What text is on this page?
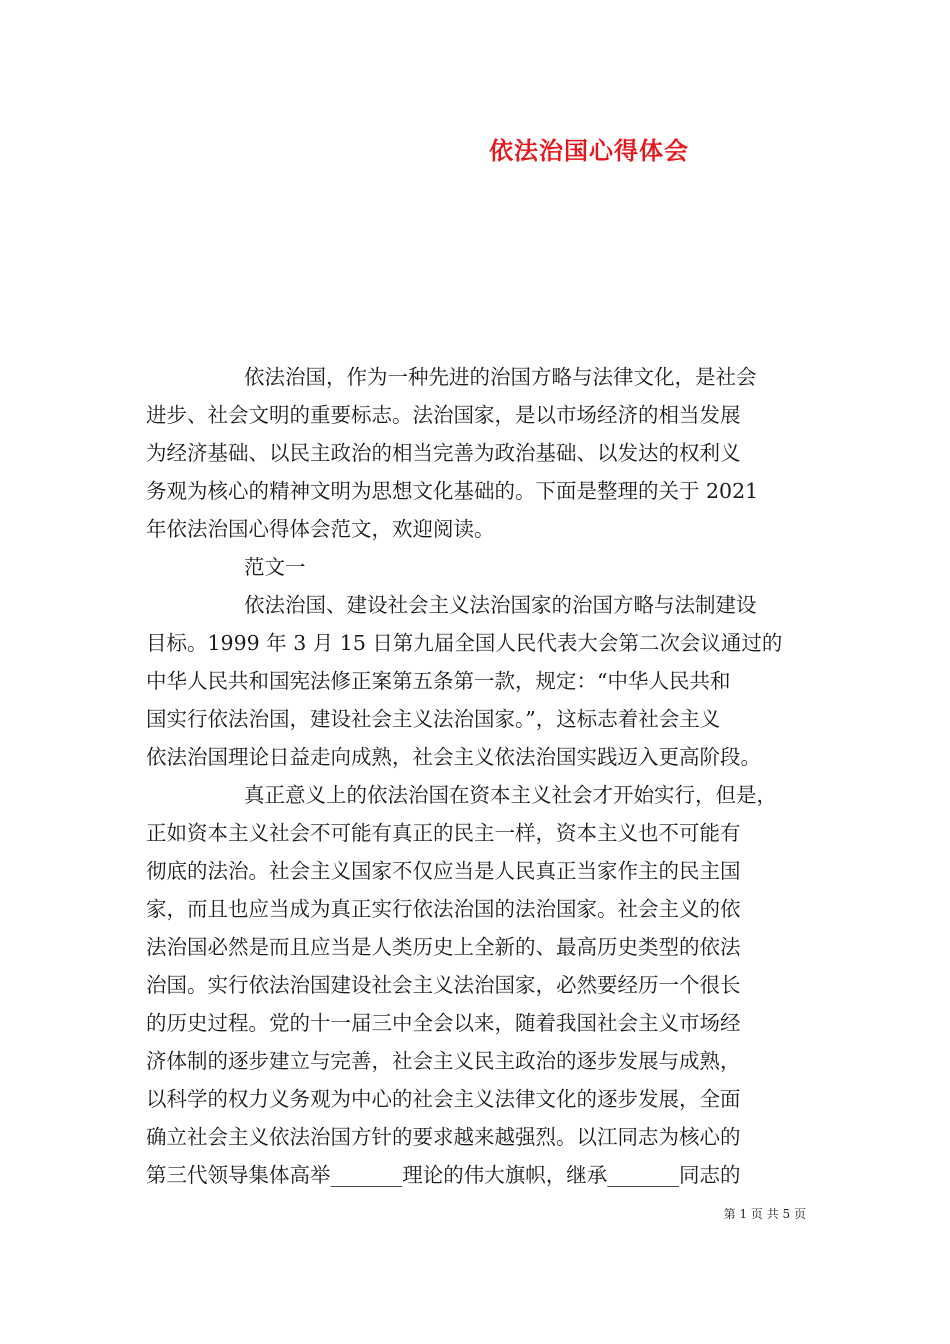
依法治国心得体会
依法治国，作为一种先进的治国方略与法律文化，是社会
进步、社会文明的重要标志。法治国家，是以市场经济的相当发展
为经济基础、以民主政治的相当完善为政治基础、以发达的权利义
务观为核心的精神文明为思想文化基础的。下面是整理的关于 2021
年依法治国心得体会范文，欢迎阅读。
范文一
依法治国、建设社会主义法治国家的治国方略与法制建设
目标。1999 年 3 月 15 日第九届全国人民代表大会第二次会议通过的
中华人民共和国宪法修正案第五条第一款，规定：“中华人民共和
国实行依法治国，建设社会主义法治国家。”，这标志着社会主义
依法治国理论日益走向成熟，社会主义依法治国实践迈入更高阶段。
真正意义上的依法治国在资本主义社会才开始实行，但是，
正如资本主义社会不可能有真正的民主一样，资本主义也不可能有
彻底的法治。社会主义国家不仅应当是人民真正当家作主的民主国
家，而且也应当成为真正实行依法治国的法治国家。社会主义的依
法治国必然是而且应当是人类历史上全新的、最高历史类型的依法
治国。实行依法治国建设社会主义法治国家，必然要经历一个很长
的历史过程。党的十一届三中全会以来，随着我国社会主义市场经
济体制的逐步建立与完善，社会主义民主政治的逐步发展与成熟，
以科学的权力义务观为中心的社会主义法律文化的逐步发展，全面
确立社会主义依法治国方针的要求越来越强烈。以江同志为核心的
第三代领导集体高举_______理论的伟大旗帜，继承_______同志的
第 1 页 共 5 页
